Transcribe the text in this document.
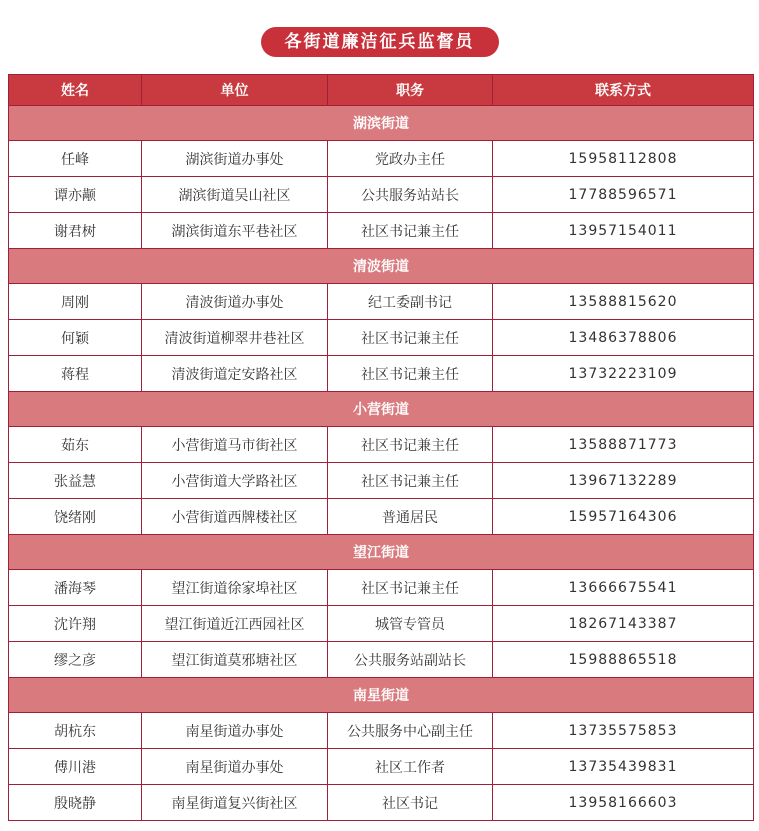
各街道廉洁征兵监督员
姓名	单位	职务	联系方式
湖滨街道			
任峰	湖滨街道办事处	党政办主任	15958112808
谭亦颟	湖滨街道吴山社区	公共服务站站长	17788596571
谢君树	湖滨街道东平巷社区	社区书记兼主任	13957154011
清波街道			
周刚	清波街道办事处	纪工委副书记	13588815620
何颖	清波街道柳翠井巷社区	社区书记兼主任	13486378806
蒋程	清波街道定安路社区	社区书记兼主任	13732223109
小营街道			
茹东	小营街道马市街社区	社区书记兼主任	13588871773
张益慧	小营街道大学路社区	社区书记兼主任	13967132289
饶绪刚	小营街道西牌楼社区	普通居民	15957164306
望江街道			
潘海琴	望江街道徐家埠社区	社区书记兼主任	13666675541
沈许翔	望江街道近江西园社区	城管专管员	18267143387
缪之彦	望江街道莫邪塘社区	公共服务站副站长	15988865518
南星街道			
胡杭东	南星街道办事处	公共服务中心副主任	13735575853
傅川港	南星街道办事处	社区工作者	13735439831
殷晓静	南星街道复兴街社区	社区书记	13958166603
